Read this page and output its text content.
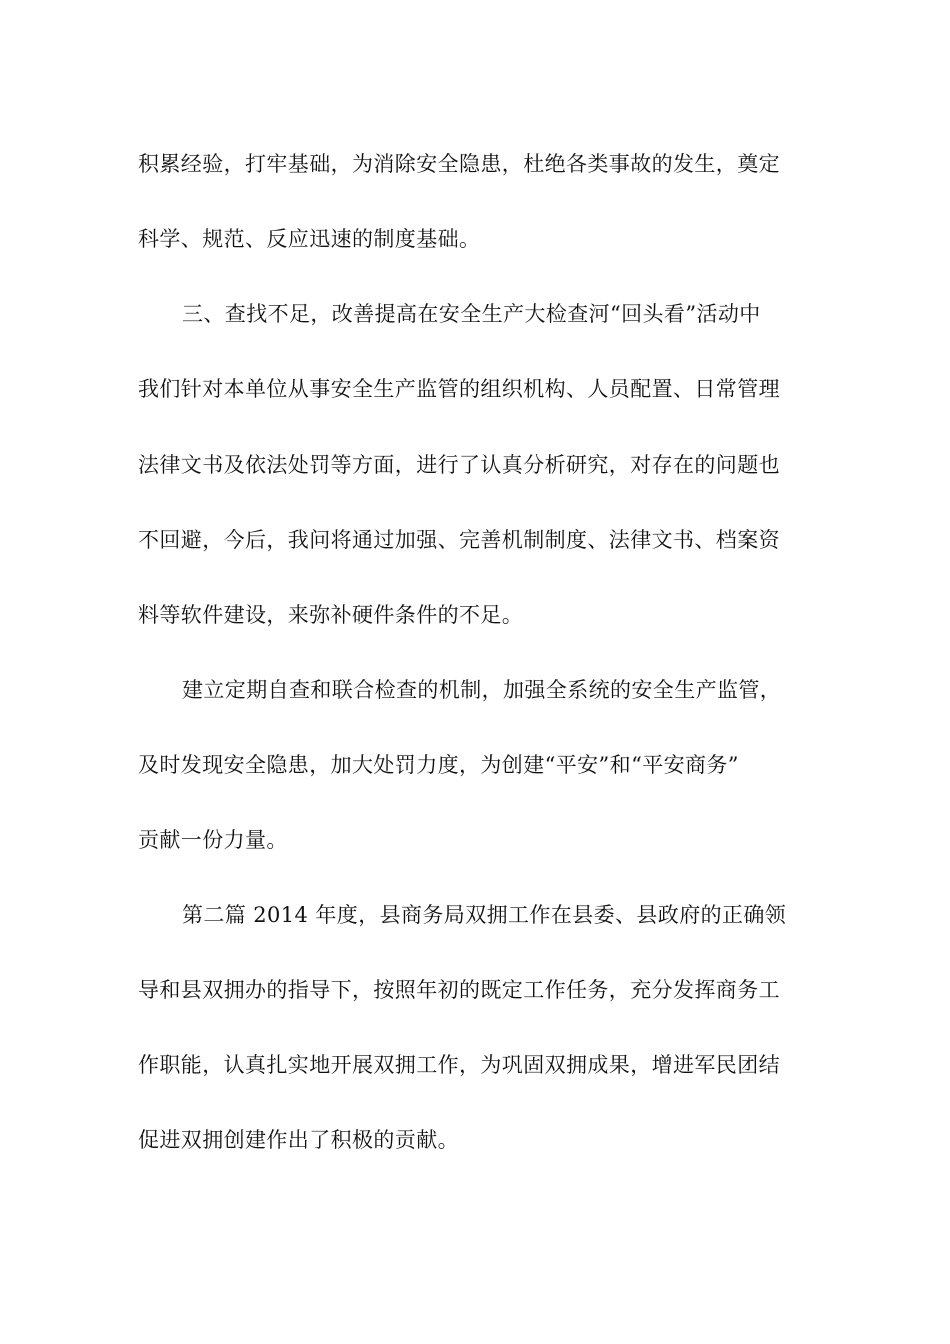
积累经验，打牢基础，为消除安全隐患，杜绝各类事故的发生，奠定
科学、规范、反应迅速的制度基础。
三、查找不足，改善提高在安全生产大检查河“回头看”活动中
我们针对本单位从事安全生产监管的组织机构、人员配置、日常管理
法律文书及依法处罚等方面，进行了认真分析研究，对存在的问题也
不回避，今后，我问将通过加强、完善机制制度、法律文书、档案资
料等软件建设，来弥补硬件条件的不足。
建立定期自查和联合检查的机制，加强全系统的安全生产监管，
及时发现安全隐患，加大处罚力度，为创建“平安”和“平安商务”
贡献一份力量。
第二篇 2014 年度，县商务局双拥工作在县委、县政府的正确领
导和县双拥办的指导下，按照年初的既定工作任务，充分发挥商务工
作职能，认真扎实地开展双拥工作，为巩固双拥成果，增进军民团结
促进双拥创建作出了积极的贡献。
